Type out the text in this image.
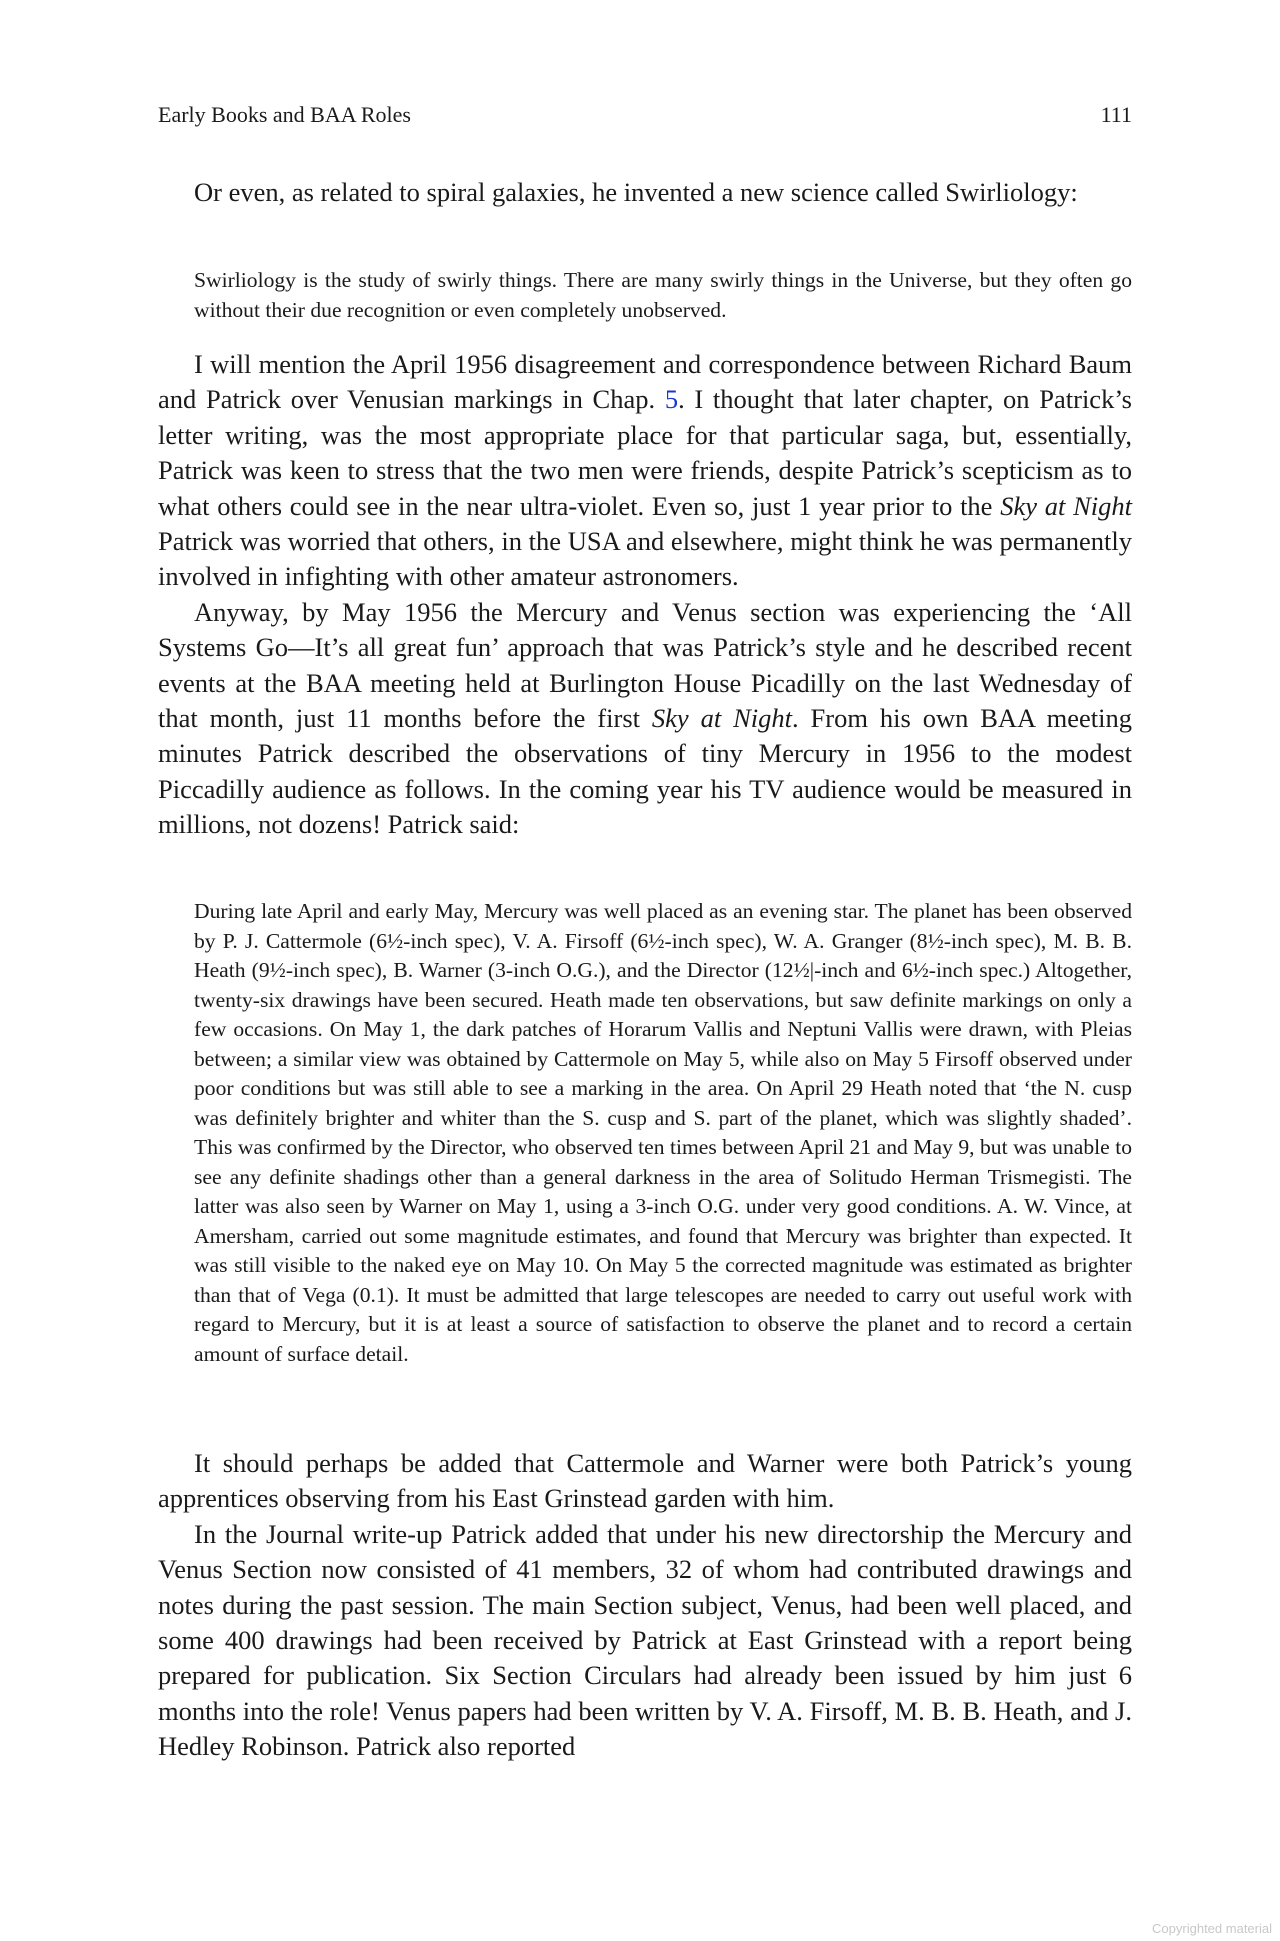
Early Books and BAA Roles	111

Or even, as related to spiral galaxies, he invented a new science called Swirliology:

Swirliology is the study of swirly things. There are many swirly things in the Universe, but they often go without their due recognition or even completely unobserved.

I will mention the April 1956 disagreement and correspondence between Richard Baum and Patrick over Venusian markings in Chap. 5. I thought that later chapter, on Patrick’s letter writing, was the most appropriate place for that particular saga, but, essentially, Patrick was keen to stress that the two men were friends, despite Patrick’s scepticism as to what others could see in the near ultra-violet. Even so, just 1 year prior to the Sky at Night Patrick was worried that others, in the USA and elsewhere, might think he was permanently involved in infighting with other amateur astronomers.

Anyway, by May 1956 the Mercury and Venus section was experiencing the ‘All Systems Go—It’s all great fun’ approach that was Patrick’s style and he described recent events at the BAA meeting held at Burlington House Picadilly on the last Wednesday of that month, just 11 months before the first Sky at Night. From his own BAA meeting minutes Patrick described the observations of tiny Mercury in 1956 to the modest Piccadilly audience as follows. In the coming year his TV audience would be measured in millions, not dozens! Patrick said:

During late April and early May, Mercury was well placed as an evening star. The planet has been observed by P. J. Cattermole (6½-inch spec), V. A. Firsoff (6½-inch spec), W. A. Granger (8½-inch spec), M. B. B. Heath (9½-inch spec), B. Warner (3-inch O.G.), and the Director (12½|-inch and 6½-inch spec.) Altogether, twenty-six drawings have been secured. Heath made ten observations, but saw definite markings on only a few occasions. On May 1, the dark patches of Horarum Vallis and Neptuni Vallis were drawn, with Pleias between; a similar view was obtained by Cattermole on May 5, while also on May 5 Firsoff observed under poor conditions but was still able to see a marking in the area. On April 29 Heath noted that ‘the N. cusp was definitely brighter and whiter than the S. cusp and S. part of the planet, which was slightly shaded’. This was confirmed by the Director, who observed ten times between April 21 and May 9, but was unable to see any definite shadings other than a general darkness in the area of Solitudo Herman Trismegisti. The latter was also seen by Warner on May 1, using a 3-inch O.G. under very good conditions. A. W. Vince, at Amersham, carried out some magnitude estimates, and found that Mercury was brighter than expected. It was still visible to the naked eye on May 10. On May 5 the corrected magnitude was estimated as brighter than that of Vega (0.1). It must be admitted that large telescopes are needed to carry out useful work with regard to Mercury, but it is at least a source of satisfaction to observe the planet and to record a certain amount of surface detail.

It should perhaps be added that Cattermole and Warner were both Patrick’s young apprentices observing from his East Grinstead garden with him.

In the Journal write-up Patrick added that under his new directorship the Mercury and Venus Section now consisted of 41 members, 32 of whom had contributed drawings and notes during the past session. The main Section subject, Venus, had been well placed, and some 400 drawings had been received by Patrick at East Grinstead with a report being prepared for publication. Six Section Circulars had already been issued by him just 6 months into the role! Venus papers had been written by V. A. Firsoff, M. B. B. Heath, and J. Hedley Robinson. Patrick also reported

Copyrighted material
